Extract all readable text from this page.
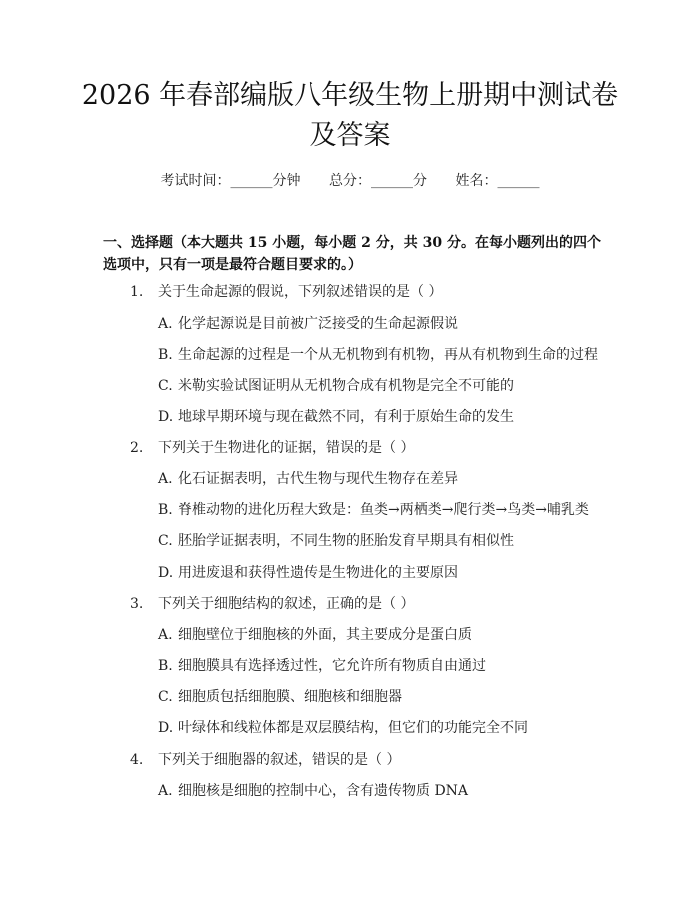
2026 年春部编版八年级生物上册期中测试卷及答案
考试时间：______分钟 总分：______分 姓名：______
一、选择题（本大题共 15 小题，每小题 2 分，共 30 分。在每小题列出的四个选项中，只有一项是最符合题目要求的。）
1. 关于生命起源的假说，下列叙述错误的是（ ）
A. 化学起源说是目前被广泛接受的生命起源假说
B. 生命起源的过程是一个从无机物到有机物，再从有机物到生命的过程
C. 米勒实验试图证明从无机物合成有机物是完全不可能的
D. 地球早期环境与现在截然不同，有利于原始生命的发生
2. 下列关于生物进化的证据，错误的是（ ）
A. 化石证据表明，古代生物与现代生物存在差异
B. 脊椎动物的进化历程大致是：鱼类→两栖类→爬行类→鸟类→哺乳类
C. 胚胎学证据表明，不同生物的胚胎发育早期具有相似性
D. 用进废退和获得性遗传是生物进化的主要原因
3. 下列关于细胞结构的叙述，正确的是（ ）
A. 细胞壁位于细胞核的外面，其主要成分是蛋白质
B. 细胞膜具有选择透过性，它允许所有物质自由通过
C. 细胞质包括细胞膜、细胞核和细胞器
D. 叶绿体和线粒体都是双层膜结构，但它们的功能完全不同
4. 下列关于细胞器的叙述，错误的是（ ）
A. 细胞核是细胞的控制中心，含有遗传物质 DNA
